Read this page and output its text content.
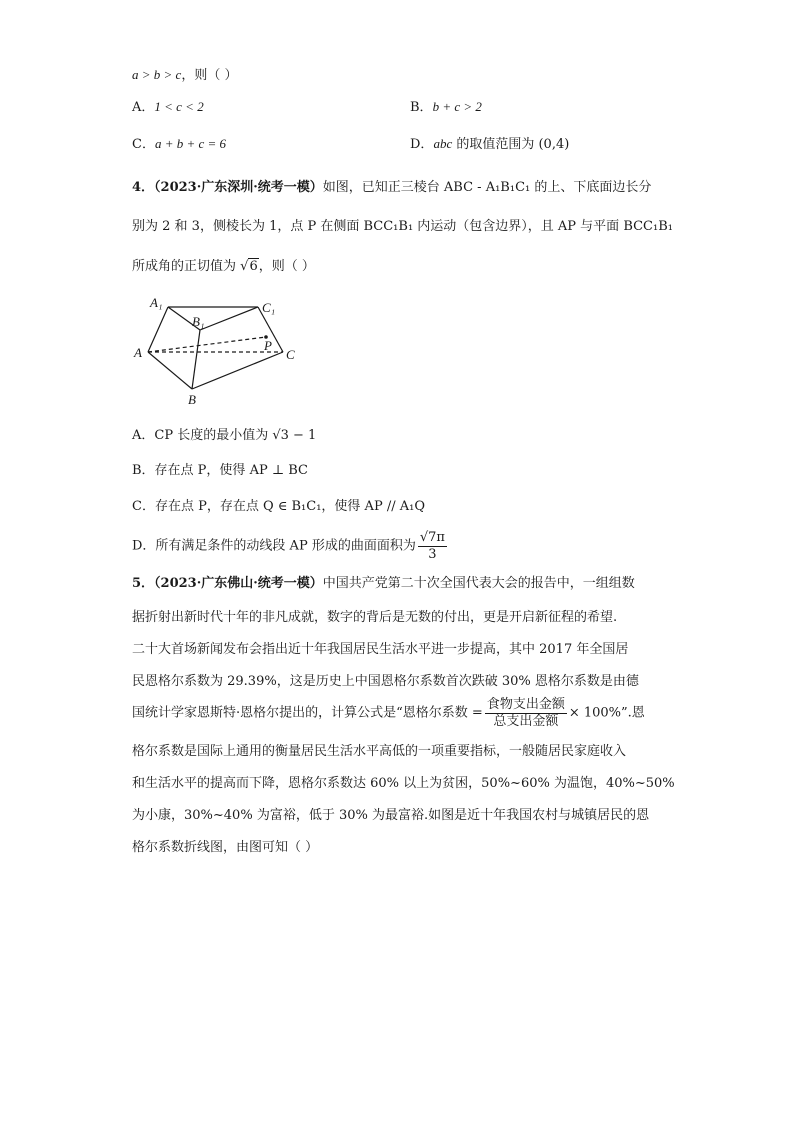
a > b > c，则（ ）
A．1 < c < 2	B．b + c > 2
C．a + b + c = 6	D．abc 的取值范围为 (0,4)
4．（2023·广东深圳·统考一模）如图，已知正三棱台 ABC - A₁B₁C₁ 的上、下底面边长分
别为 2 和 3，侧棱长为 1，点 P 在侧面 BCC₁B₁ 内运动（包含边界），且 AP 与平面 BCC₁B₁
所成角的正切值为 √6，则（ ）
A₁
B₁
C₁
A
B
C
P
A．CP 长度的最小值为 √3 − 1
B．存在点 P，使得 AP ⊥ BC
C．存在点 P，存在点 Q ∈ B₁C₁，使得 AP // A₁Q
D．所有满足条件的动线段 AP 形成的曲面面积为 $\frac{√7\pi}{3}$
5．（2023·广东佛山·统考一模）中国共产党第二十次全国代表大会的报告中，一组组数
据折射出新时代十年的非凡成就，数字的背后是无数的付出，更是开启新征程的希望.
二十大首场新闻发布会指出近十年我国居民生活水平进一步提高，其中 2017 年全国居
民恩格尔系数为 29.39%，这是历史上中国恩格尔系数首次跌破 30% 恩格尔系数是由德
国统计学家恩斯特·恩格尔提出的，计算公式是“恩格尔系数 = $\frac{\text{食物支出金额}}{\text{总支出金额}} \times 100\%$”.恩
格尔系数是国际上通用的衡量居民生活水平高低的一项重要指标，一般随居民家庭收入
和生活水平的提高而下降，恩格尔系数达 60% 以上为贫困，50%~60% 为温饱，40%~50%
为小康，30%~40% 为富裕，低于 30% 为最富裕.如图是近十年我国农村与城镇居民的恩
格尔系数折线图，由图可知（ ）
